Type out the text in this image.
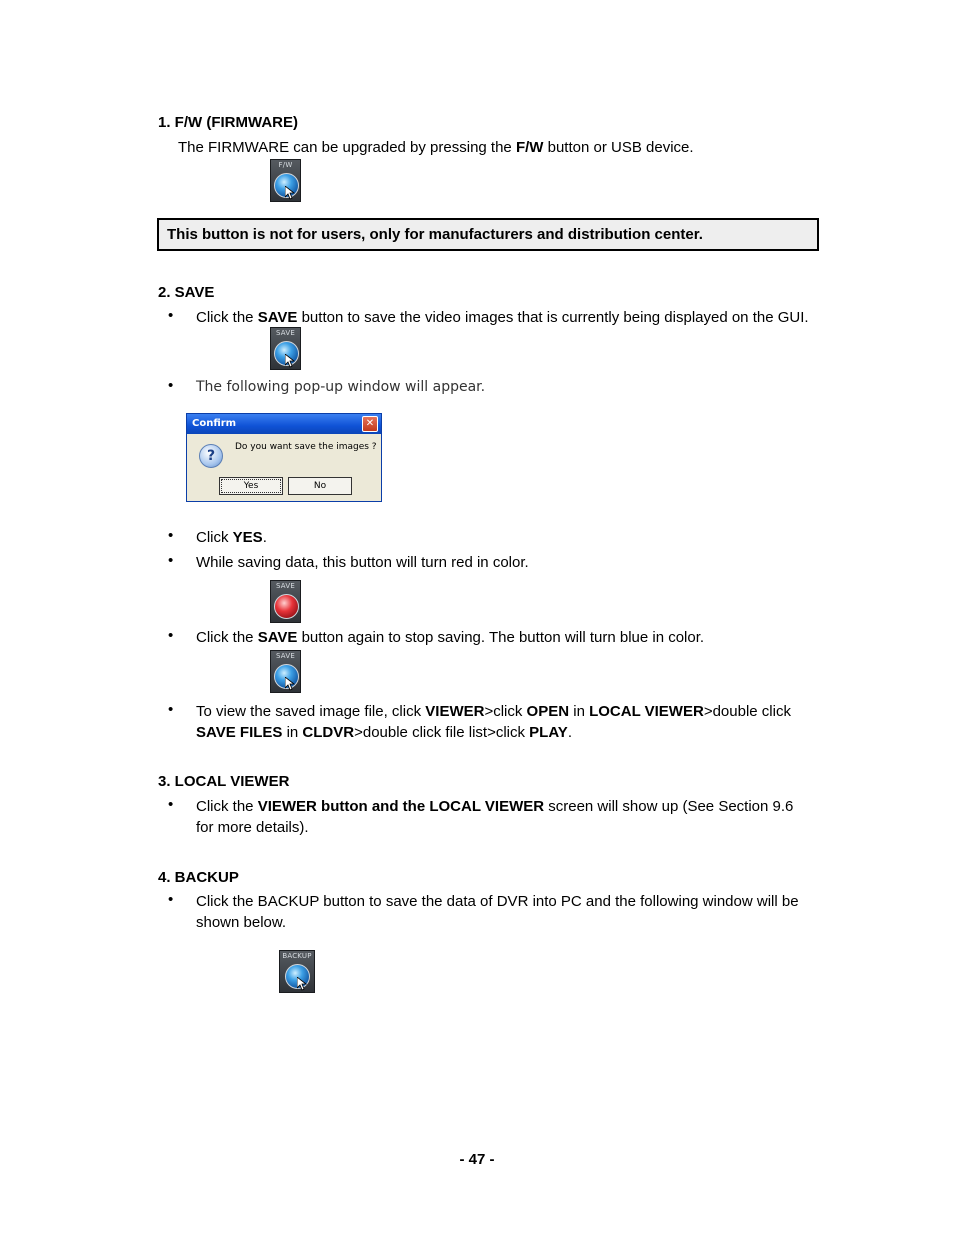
1. F/W (FIRMWARE)
The FIRMWARE can be upgraded by pressing the F/W button or USB device.
F/W
This button is not for users, only for manufacturers and distribution center.
2. SAVE
• Click the SAVE button to save the video images that is currently being displayed on the GUI.
SAVE
• The following pop-up window will appear.
Confirm	✕
?
Do you want save the images ?
Yes	No
• Click YES.
• While saving data, this button will turn red in color.
SAVE
• Click the SAVE button again to stop saving. The button will turn blue in color.
SAVE
• To view the saved image file, click VIEWER>click OPEN in LOCAL VIEWER>double click SAVE FILES in CLDVR>double click file list>click PLAY.
3. LOCAL VIEWER
• Click the VIEWER button and the LOCAL VIEWER screen will show up (See Section 9.6 for more details).
4. BACKUP
• Click the BACKUP button to save the data of DVR into PC and the following window will be shown below.
BACKUP
- 47 -
